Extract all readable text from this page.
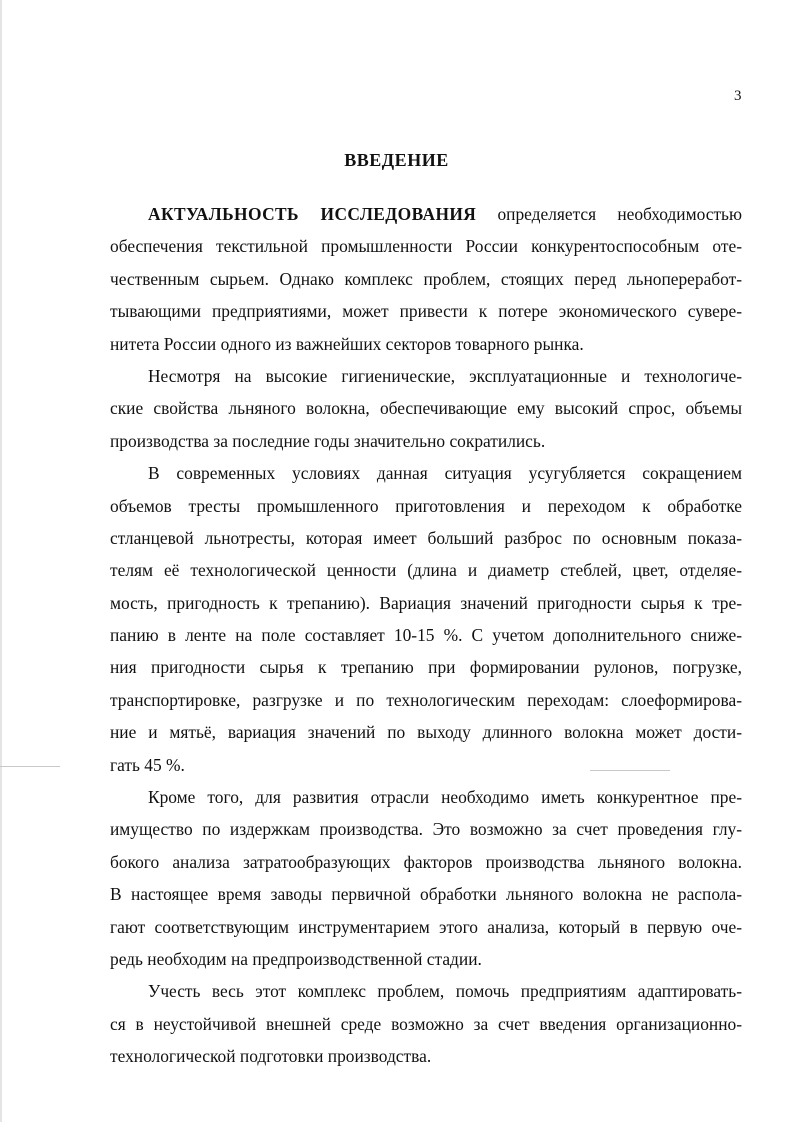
3
ВВЕДЕНИЕ
АКТУАЛЬНОСТЬ ИССЛЕДОВАНИЯ определяется необходимостью
обеспечения текстильной промышленности России конкурентоспособным оте-
чественным сырьем. Однако комплекс проблем, стоящих перед льнопереработ-
тывающими предприятиями, может привести к потере экономического сувере-
нитета России одного из важнейших секторов товарного рынка.
Несмотря на высокие гигиенические, эксплуатационные и технологиче-
ские свойства льняного волокна, обеспечивающие ему высокий спрос, объемы
производства за последние годы значительно сократились.
В современных условиях данная ситуация усугубляется сокращением
объемов тресты промышленного приготовления и переходом к обработке
стланцевой льнотресты, которая имеет больший разброс по основным показа-
телям её технологической ценности (длина и диаметр стеблей, цвет, отделяе-
мость, пригодность к трепанию). Вариация значений пригодности сырья к тре-
панию в ленте на поле составляет 10-15 %. С учетом дополнительного сниже-
ния пригодности сырья к трепанию при формировании рулонов, погрузке,
транспортировке, разгрузке и по технологическим переходам: слоеформирова-
ние и мятьё, вариация значений по выходу длинного волокна может дости-
гать 45 %.
Кроме того, для развития отрасли необходимо иметь конкурентное пре-
имущество по издержкам производства. Это возможно за счет проведения глу-
бокого анализа затратообразующих факторов производства льняного волокна.
В настоящее время заводы первичной обработки льняного волокна не распола-
гают соответствующим инструментарием этого анализа, который в первую оче-
редь необходим на предпроизводственной стадии.
Учесть весь этот комплекс проблем, помочь предприятиям адаптировать-
ся в неустойчивой внешней среде возможно за счет введения организационно-
технологической подготовки производства.
